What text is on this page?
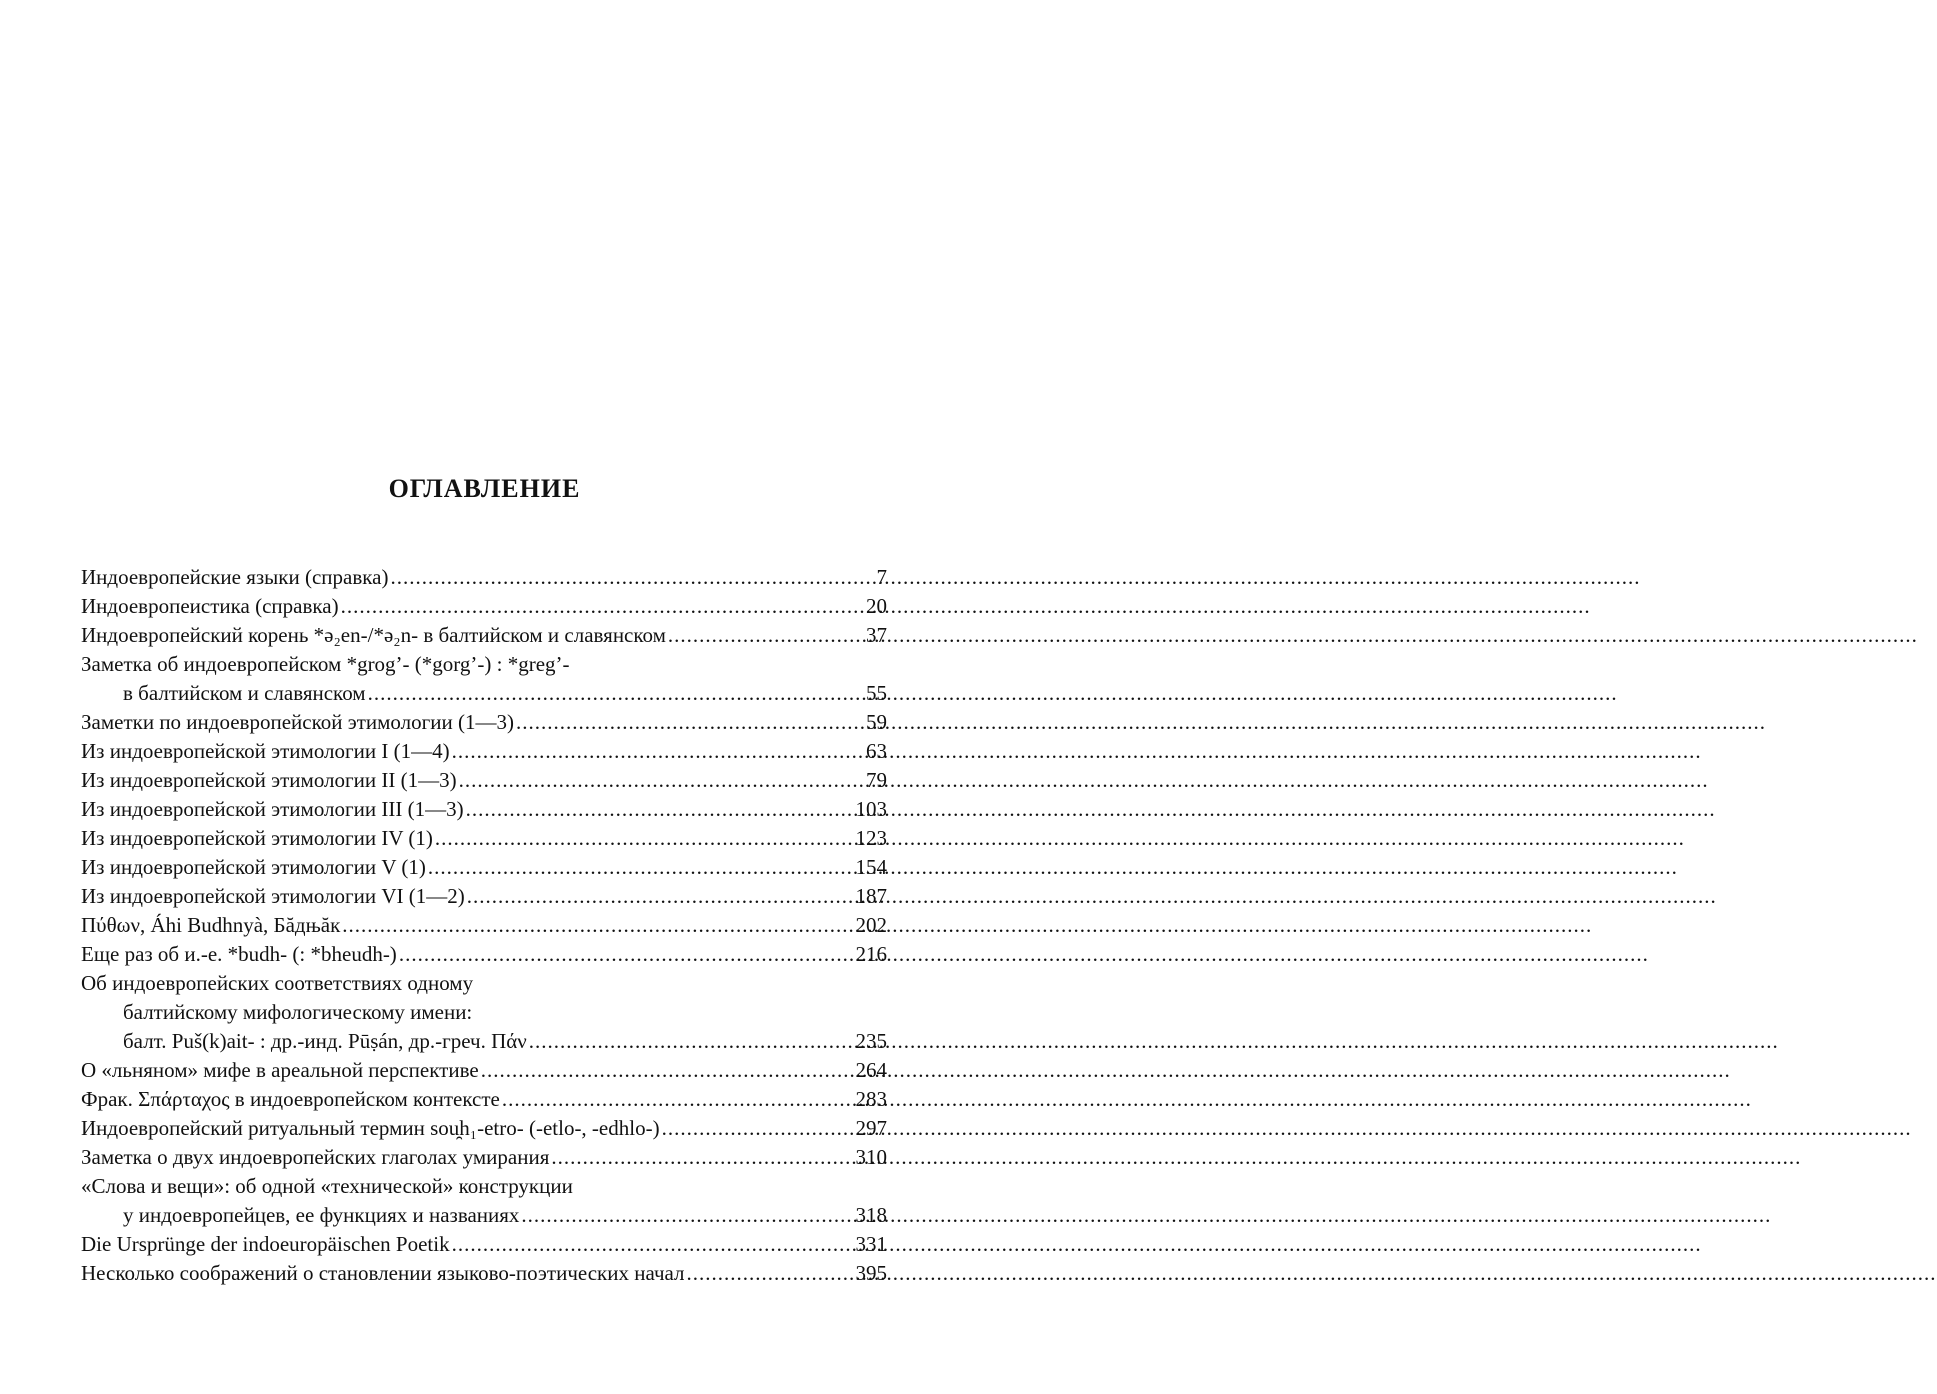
ОГЛАВЛЕНИЕ
Индоевропейские языки (справка) .....	7
Индоевропеистика (справка) .....	20
Индоевропейский корень *ə₂en-/*ə₂n- в балтийском и славянском .....	37
Заметка об индоевропейском *grog’- (*gorg’-) : *greg’-
в балтийском и славянском .....	55
Заметки по индоевропейской этимологии (1—3) .....	59
Из индоевропейской этимологии I (1—4) .....	63
Из индоевропейской этимологии II (1—3) .....	79
Из индоевропейской этимологии III (1—3) .....	103
Из индоевропейской этимологии IV (1) .....	123
Из индоевропейской этимологии V (1) .....	154
Из индоевропейской этимологии VI (1—2) .....	187
Πύθων, Áhi Budhnyà, Бăдњăк .....	202
Еще раз об и.-е. *budh- (: *bheudh-) .....	216
Об индоевропейских соответствиях одному
балтийскому мифологическому имени:
балт. Puš(k)ait- : др.-инд. Pūṣán, др.-греч. Πάν .....	235
О «льняном» мифе в ареальной перспективе .....	264
Фрак. Σπάρταχος в индоевропейском контексте .....	283
Индоевропейский ритуальный термин sou̯h₁-etro- (-etlo-, -edhlo-) .....	297
Заметка о двух индоевропейских глаголах умирания .....	310
«Слова и вещи»: об одной «технической» конструкции
у индоевропейцев, ее функциях и названиях .....	318
Die Ursprünge der indoeuropäischen Poetik .....	331
Несколько соображений о становлении языково-поэтических начал .....	395
